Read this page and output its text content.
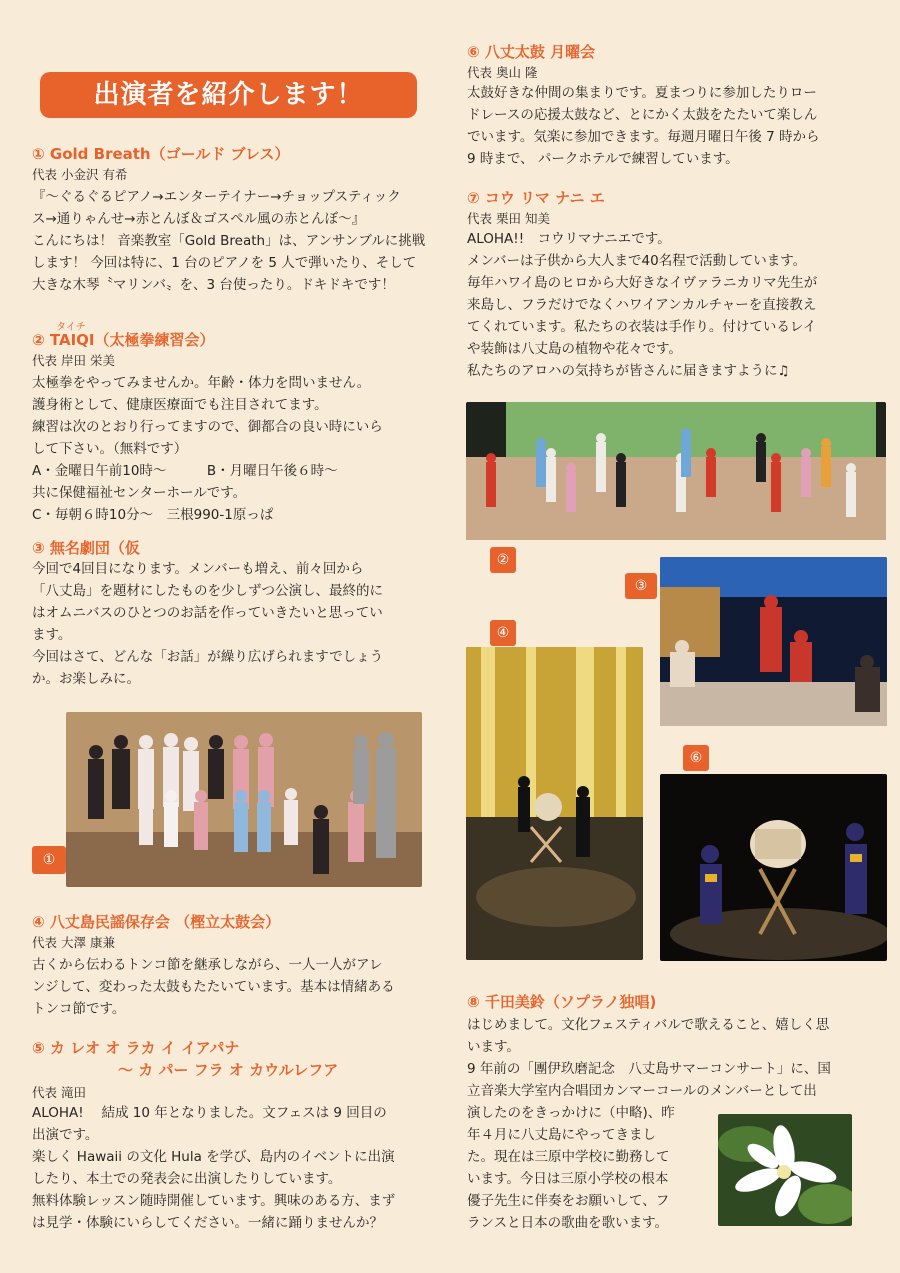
出演者を紹介します！
① Gold Breath（ゴールド ブレス）
代表 小金沢 有希

『～ぐるぐるピアノ→エンターテイナー→チョップスティック

ス→通りゃんせ→赤とんぼ＆ゴスペル風の赤とんぼ～』

こんにちは！ 音楽教室「Gold Breath」は、アンサンブルに挑戦

します！ 今回は特に、1 台のピアノを 5 人で弾いたり、そして

大きな木琴〝マリンバ〟を、3 台使ったり。ドキドキです！

タイチ
② TAIQI（太極拳練習会）
代表 岸田 栄美

太極拳をやってみませんか。年齢・体力を問いません。

護身術として、健康医療面でも注目されてます。

練習は次のとおり行ってますので、御都合の良い時にいら

して下さい。（無料です）

A・金曜日午前10時～　　　B・月曜日午後６時～

共に保健福祉センターホールです。

C・毎朝６時10分～　三根990-1原っぱ

③ 無名劇団（仮

今回で4回目になります。メンバーも増え、前々回から

「八丈島」を題材にしたものを少しずつ公演し、最終的に

はオムニバスのひとつのお話を作っていきたいと思ってい

ます。

今回はさて、どんな「お話」が繰り広げられますでしょう

か。お楽しみに。

①
④ 八丈島民謡保存会 （樫立太鼓会）
代表 大澤 康兼

古くから伝わるトンコ節を継承しながら、一人一人がアレ

ンジして、変わった太鼓もたたいています。基本は情緒ある

トンコ節です。

⑤ カ レオ オ ラカ イ イアパナ
～ カ パー フラ オ カウルレフア
代表 滝田

ALOHA!　 結成 10 年となりました。文フェスは 9 回目の

出演です。

楽しく Hawaii の文化 Hula を学び、島内のイベントに出演

したり、本土での発表会に出演したりしています。

無料体験レッスン随時開催しています。興味のある方、まず

は見学・体験にいらしてください。一緒に踊りませんか？

⑥ 八丈太鼓 月曜会
代表 奥山 隆

太鼓好きな仲間の集まりです。夏まつりに参加したりロー

ドレースの応援太鼓など、とにかく太鼓をたたいて楽しん

でいます。気楽に参加できます。毎週月曜日午後 7 時から

9 時まで、 パークホテルで練習しています。

⑦ コウ リマ ナニ エ
代表 栗田 知美

ALOHA!!　コウリマナニエです。

メンバーは子供から大人まで40名程で活動しています。

毎年ハワイ島のヒロから大好きなイヴァラニカリマ先生が

来島し、フラだけでなくハワイアンカルチャーを直接教え

てくれています。私たちの衣装は手作り。付けているレイ

や装飾は八丈島の植物や花々です。

私たちのアロハの気持ちが皆さんに届きますように♫

②
③
④
⑥
⑧ 千田美鈴（ソプラノ独唱)

はじめまして。文化フェスティバルで歌えること、嬉しく思

います。

9 年前の「團伊玖磨記念　八丈島サマーコンサート」に、国

立音楽大学室内合唱団カンマーコールのメンバーとして出

演したのをきっかけに（中略)、昨

年４月に八丈島にやってきまし

た。現在は三原中学校に勤務して

います。今日は三原小学校の根本

優子先生に伴奏をお願いして、フ

ランスと日本の歌曲を歌います。
